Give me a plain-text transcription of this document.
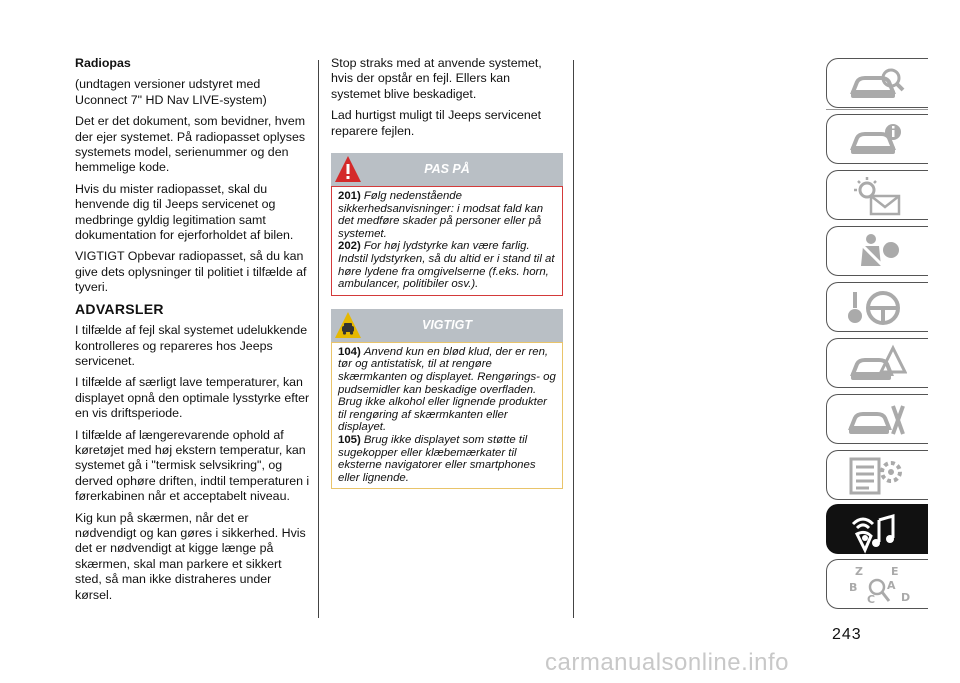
Radiopas

(undtagen versioner udstyret med Uconnect 7" HD Nav LIVE-system)

Det er det dokument, som bevidner, hvem der ejer systemet. På radiopasset oplyses systemets model, serienummer og den hemmelige kode.

Hvis du mister radiopasset, skal du henvende dig til Jeeps servicenet og medbringe gyldig legitimation samt dokumentation for ejerforholdet af bilen.

VIGTIGT Opbevar radiopasset, så du kan give dets oplysninger til politiet i tilfælde af tyveri.

ADVARSLER

I tilfælde af fejl skal systemet udelukkende kontrolleres og repareres hos Jeeps servicenet.

I tilfælde af særligt lave temperaturer, kan displayet opnå den optimale lysstyrke efter en vis driftsperiode.

I tilfælde af længerevarende ophold af køretøjet med høj ekstern temperatur, kan systemet gå i "termisk selvsikring", og derved ophøre driften, indtil temperaturen i førerkabinen når et acceptabelt niveau.

Kig kun på skærmen, når det er nødvendigt og kan gøres i sikkerhed. Hvis det er nødvendigt at kigge længe på skærmen, skal man parkere et sikkert sted, så man ikke distraheres under kørsel.

Stop straks med at anvende systemet, hvis der opstår en fejl. Ellers kan systemet blive beskadiget.

Lad hurtigst muligt til Jeeps servicenet reparere fejlen.

PAS PÅ

201) Følg nedenstående sikkerhedsanvisninger: i modsat fald kan det medføre skader på personer eller på systemet.

202) For høj lydstyrke kan være farlig. Indstil lydstyrken, så du altid er i stand til at høre lydene fra omgivelserne (f.eks. horn, ambulancer, politibiler osv.).

VIGTIGT

104) Anvend kun en blød klud, der er ren, tør og antistatisk, til at rengøre skærmkanten og displayet. Rengørings- og pudsemidler kan beskadige overfladen. Brug ikke alkohol eller lignende produkter til rengøring af skærmkanten eller displayet.

105) Brug ikke displayet som støtte til sugekopper eller klæbemærkater til eksterne navigatorer eller smartphones eller lignende.

Z	E
B	A
C D
243
carmanualsonline.info
